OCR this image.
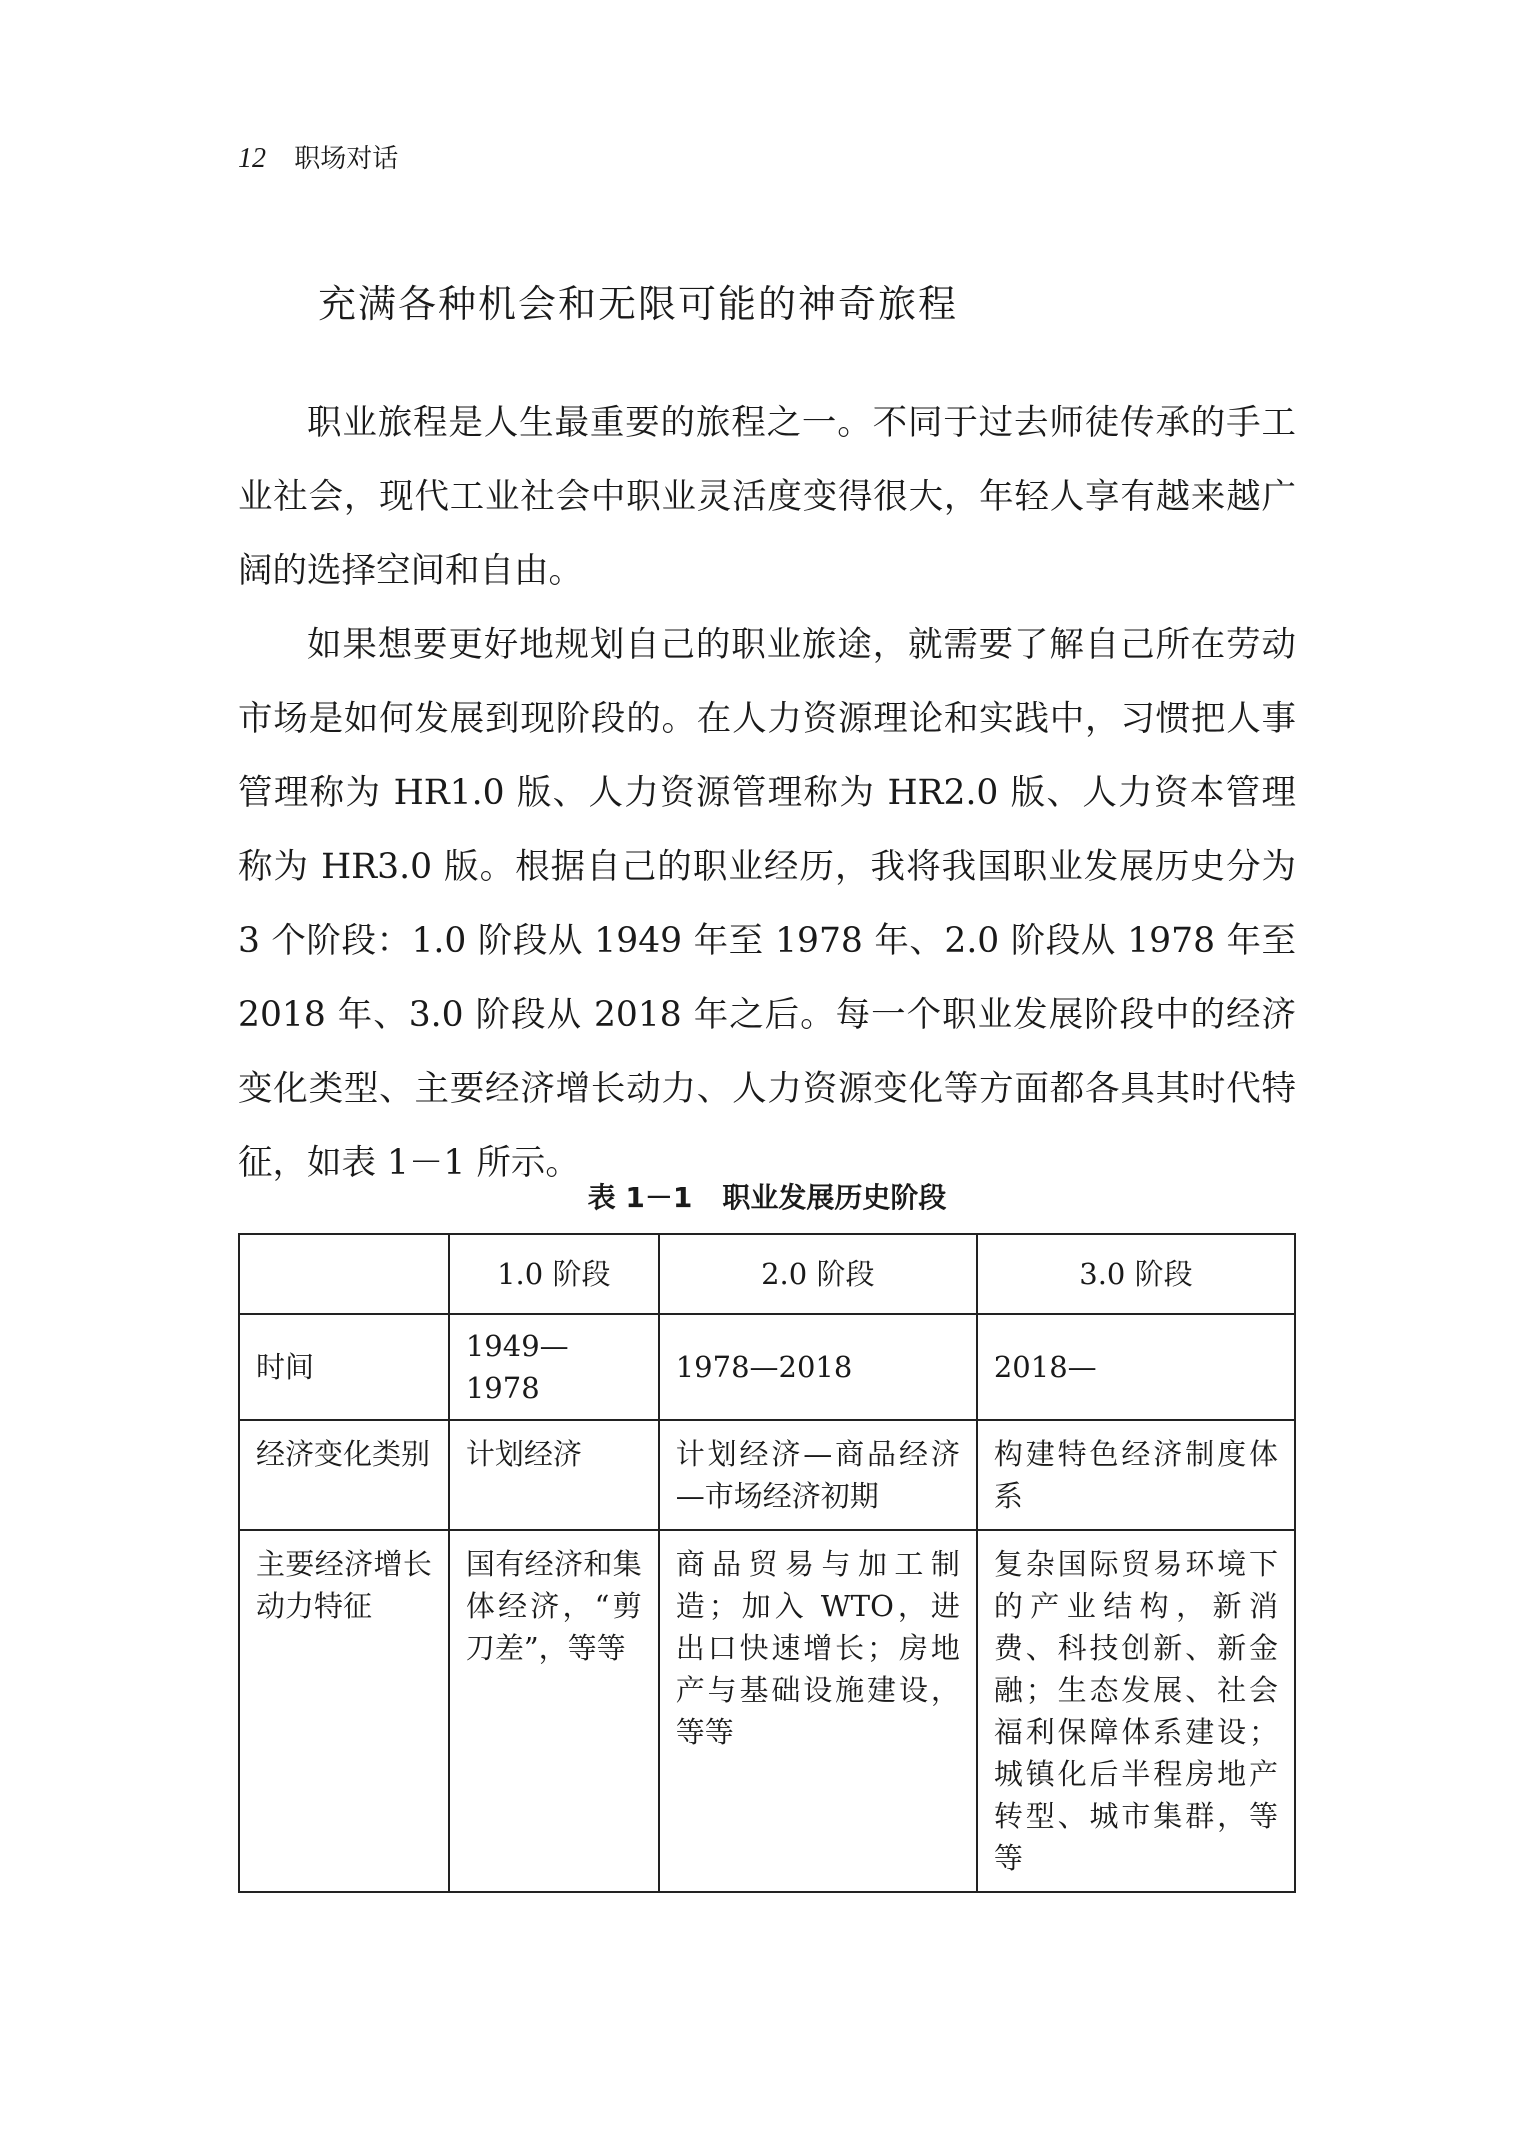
12 职场对话
充满各种机会和无限可能的神奇旅程

职业旅程是人生最重要的旅程之一。不同于过去师徒传承的手工业社会，现代工业社会中职业灵活度变得很大，年轻人享有越来越广阔的选择空间和自由。

如果想要更好地规划自己的职业旅途，就需要了解自己所在劳动市场是如何发展到现阶段的。在人力资源理论和实践中，习惯把人事管理称为 HR1.0 版、人力资源管理称为 HR2.0 版、人力资本管理称为 HR3.0 版。根据自己的职业经历，我将我国职业发展历史分为 3 个阶段：1.0 阶段从 1949 年至 1978 年、2.0 阶段从 1978 年至 2018 年、3.0 阶段从 2018 年之后。每一个职业发展阶段中的经济变化类型、主要经济增长动力、人力资源变化等方面都各具其时代特征，如表 1－1 所示。

表 1－1 职业发展历史阶段
	1.0 阶段	2.0 阶段	3.0 阶段
时间	1949—1978	1978—2018	2018—
经济变化类别	计划经济	计划经济—商品经济—市场经济初期	构建特色经济制度体系
主要经济增长动力特征	国有经济和集体经济，“剪刀差”，等等	商品贸易与加工制造；加入 WTO，进出口快速增长；房地产与基础设施建设，等等	复杂国际贸易环境下的产业结构，新消费、科技创新、新金融；生态发展、社会福利保障体系建设；城镇化后半程房地产转型、城市集群，等等
